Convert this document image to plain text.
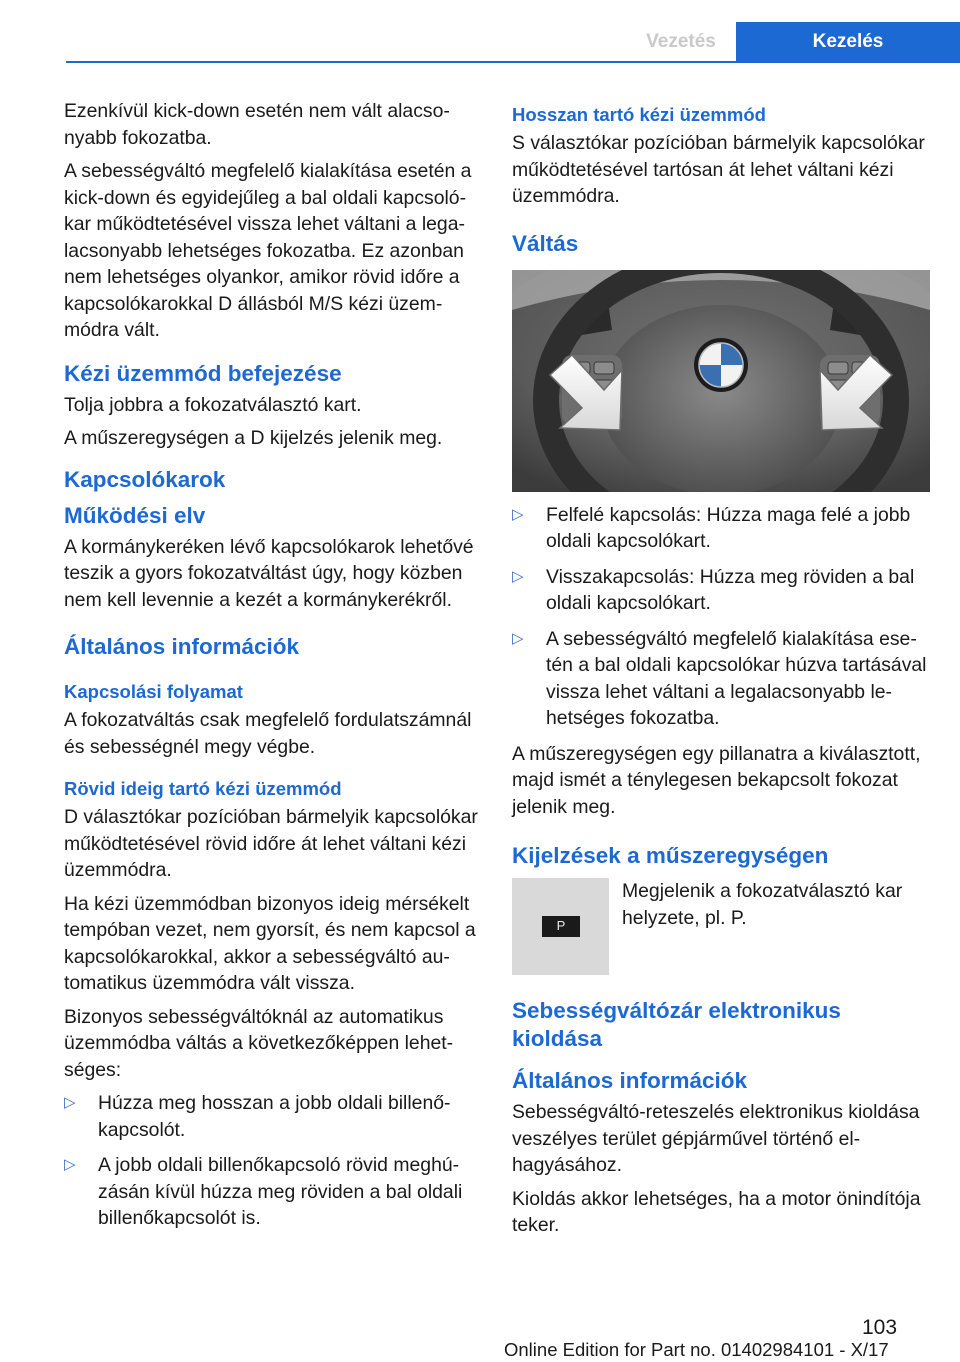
Vezetés	Kezelés

Ezenkívül kick-down esetén nem vált alacsonyabb fokozatba.

A sebességváltó megfelelő kialakítása esetén a kick-down és egyidejűleg a bal oldali kapcsolókar működtetésével vissza lehet váltani a legalacsonyabb lehetséges fokozatba. Ez azonban nem lehetséges olyankor, amikor rövid időre a kapcsolókarokkal D állásból M/S kézi üzemmódra vált.

Kézi üzemmód befejezése

Tolja jobbra a fokozatválasztó kart.

A műszeregységen a D kijelzés jelenik meg.

Kapcsolókarok
Működési elv

A kormánykeréken lévő kapcsolókarok lehetővé teszik a gyors fokozatváltást úgy, hogy közben nem kell levennie a kezét a kormánykerékről.

Általános információk
Kapcsolási folyamat

A fokozatváltás csak megfelelő fordulatszámnál és sebességnél megy végbe.

Rövid ideig tartó kézi üzemmód

D választókar pozícióban bármelyik kapcsolókar működtetésével rövid időre át lehet váltani kézi üzemmódra.

Ha kézi üzemmódban bizonyos ideig mérsékelt tempóban vezet, nem gyorsít, és nem kapcsol a kapcsolókarokkal, akkor a sebességváltó automatikus üzemmódra vált vissza.

Bizonyos sebességváltóknál az automatikus üzemmódba váltás a következőképpen lehetséges:

▷ Húzza meg hosszan a jobb oldali billenőkapcsolót.
▷ A jobb oldali billenőkapcsoló rövid meghúzásán kívül húzza meg röviden a bal oldali billenőkapcsolót is.
Hosszan tartó kézi üzemmód

S választókar pozícióban bármelyik kapcsolókar működtetésével tartósan át lehet váltani kézi üzemmódra.

Váltás
▷ Felfelé kapcsolás: Húzza maga felé a jobb oldali kapcsolókart.
▷ Visszakapcsolás: Húzza meg röviden a bal oldali kapcsolókart.
▷ A sebességváltó megfelelő kialakítása esetén a bal oldali kapcsolókar húzva tartásával vissza lehet váltani a legalacsonyabb lehetséges fokozatba.

A műszeregységen egy pillanatra a kiválasztott, majd ismét a ténylegesen bekapcsolt fokozat jelenik meg.

Kijelzések a műszeregységen
P
Megjelenik a fokozatválasztó kar helyzete, pl. P.
Sebességváltózár elektronikus kioldása
Általános információk

Sebességváltó-reteszelés elektronikus kioldása veszélyes terület gépjárművel történő elhagyásához.

Kioldás akkor lehetséges, ha a motor önindítója teker.

103
Online Edition for Part no. 01402984101 - X/17
